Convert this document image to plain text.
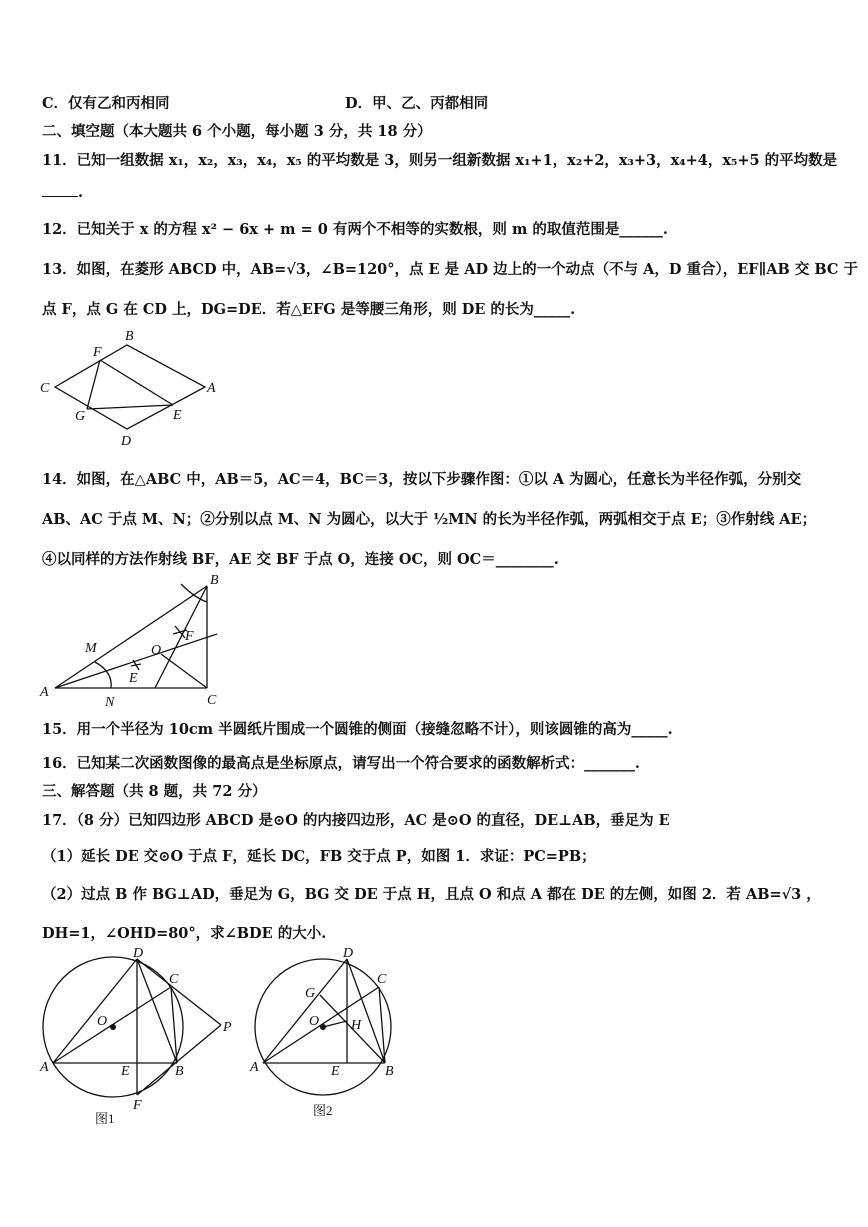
C．仅有乙和丙相同	D．甲、乙、丙都相同
二、填空题（本大题共 6 个小题，每小题 3 分，共 18 分）
11．已知一组数据 x₁，x₂，x₃，x₄，x₅ 的平均数是 3，则另一组新数据 x₁+1，x₂+2，x₃+3，x₄+4，x₅+5 的平均数是
.
12．已知关于 x 的方程 x² − 6x + m = 0 有两个不相等的实数根，则 m 的取值范围是______.
13．如图，在菱形 ABCD 中，AB=√3，∠B=120°，点 E 是 AD 边上的一个动点（不与 A，D 重合），EF∥AB 交 BC 于
点 F，点 G 在 CD 上，DG=DE．若△EFG 是等腰三角形，则 DE 的长为_____.
B
F
C	A
G	E
D
14．如图，在△ABC 中，AB＝5，AC＝4，BC＝3，按以下步骤作图：①以 A 为圆心，任意长为半径作弧，分别交
AB、AC 于点 M、N；②分别以点 M、N 为圆心，以大于 ½MN 的长为半径作弧，两弧相交于点 E；③作射线 AE；
④以同样的方法作射线 BF，AE 交 BF 于点 O，连接 OC，则 OC＝________.
B
F
M	O
E
A
N	C
15．用一个半径为 10cm 半圆纸片围成一个圆锥的侧面（接缝忽略不计），则该圆锥的高为_____.
16．已知某二次函数图像的最高点是坐标原点，请写出一个符合要求的函数解析式：_______.
三、解答题（共 8 题，共 72 分）
17．（8 分）已知四边形 ABCD 是⊙O 的内接四边形，AC 是⊙O 的直径，DE⊥AB，垂足为 E
（1）延长 DE 交⊙O 于点 F，延长 DC，FB 交于点 P，如图 1．求证：PC=PB；
（2）过点 B 作 BG⊥AD，垂足为 G，BG 交 DE 于点 H，且点 O 和点 A 都在 DE 的左侧，如图 2．若 AB=√3 ，
DH=1，∠OHD=80°，求∠BDE 的大小.
D
C
O	P
A	E	B
F
图1
D
C
G
O H
A	E	B
图2
